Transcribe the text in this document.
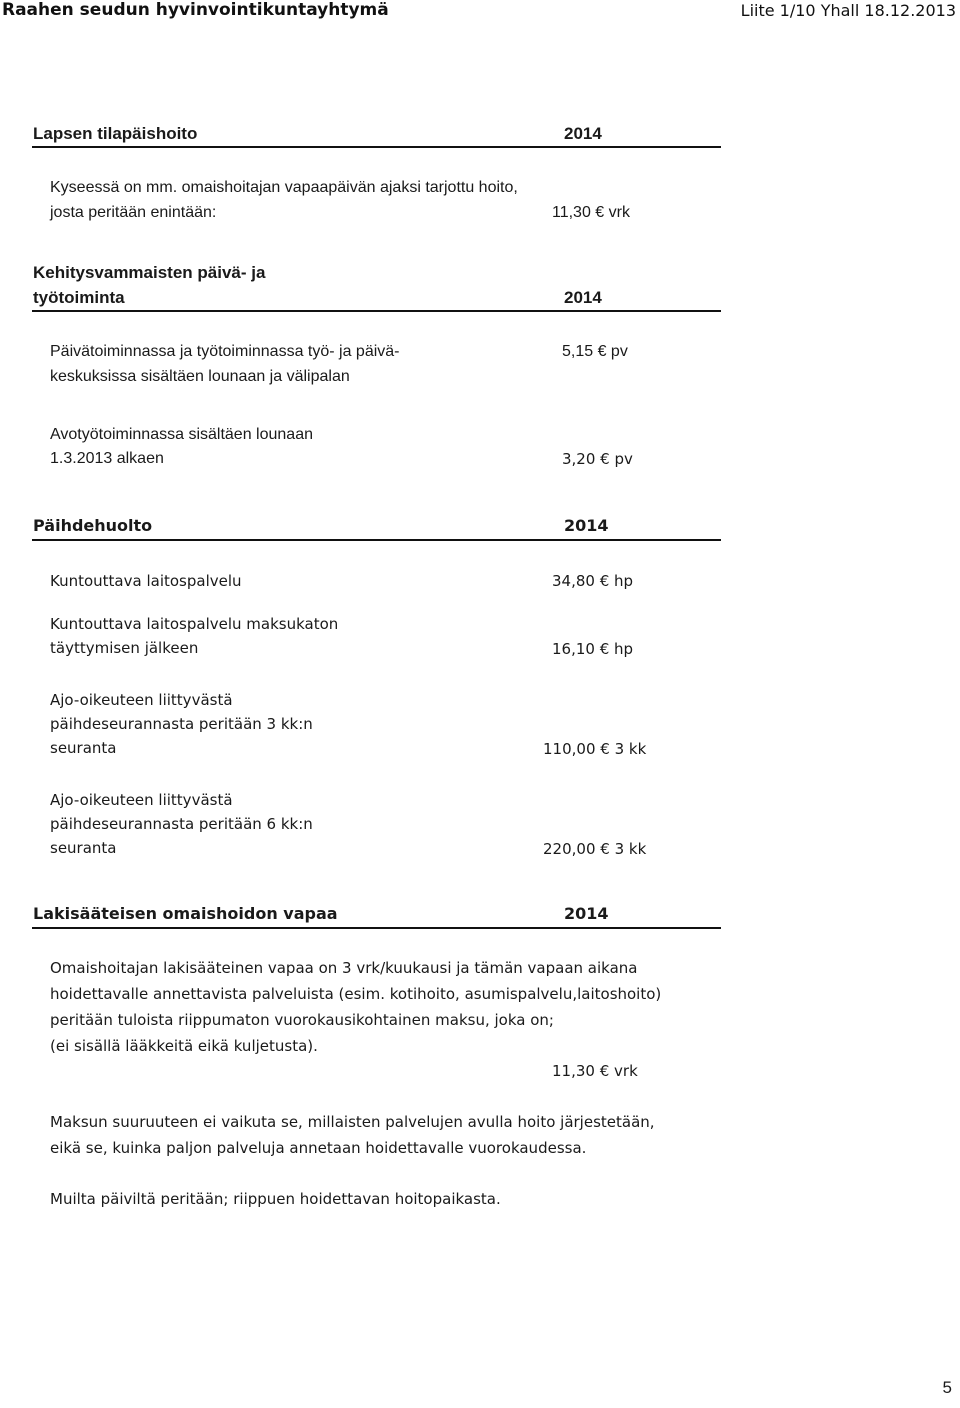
Raahen seudun hyvinvointikuntayhtymä	Liite 1/10 Yhall 18.12.2013
Lapsen tilapäishoito	2014
Kyseessä on mm. omaishoitajan vapaapäivän ajaksi tarjottu hoito,
josta peritään enintään:	11,30 € vrk
Kehitysvammaisten päivä- ja
työtoiminta	2014
Päivätoiminnassa ja työtoiminnassa työ- ja päivä-
keskuksissa sisältäen lounaan ja välipalan
5,15 € pv
Avotyötoiminnassa sisältäen lounaan
1.3.2013 alkaen	3,20 € pv
Päihdehuolto	2014
Kuntouttava laitospalvelu	34,80 € hp
Kuntouttava laitospalvelu maksukaton
täyttymisen jälkeen	16,10 € hp
Ajo-oikeuteen liittyvästä
päihdeseurannasta peritään 3 kk:n
seuranta	110,00 € 3 kk
Ajo-oikeuteen liittyvästä
päihdeseurannasta peritään 6 kk:n
seuranta	220,00 € 3 kk
Lakisääteisen omaishoidon vapaa	2014
Omaishoitajan lakisääteinen vapaa on 3 vrk/kuukausi ja tämän vapaan aikana
hoidettavalle annettavista palveluista (esim. kotihoito, asumispalvelu,laitoshoito)
peritään tuloista riippumaton vuorokausikohtainen maksu, joka on;
(ei sisällä lääkkeitä eikä kuljetusta).
11,30 € vrk
Maksun suuruuteen ei vaikuta se, millaisten palvelujen avulla hoito järjestetään,
eikä se, kuinka paljon palveluja annetaan hoidettavalle vuorokaudessa.
Muilta päiviltä peritään; riippuen hoidettavan hoitopaikasta.
5
